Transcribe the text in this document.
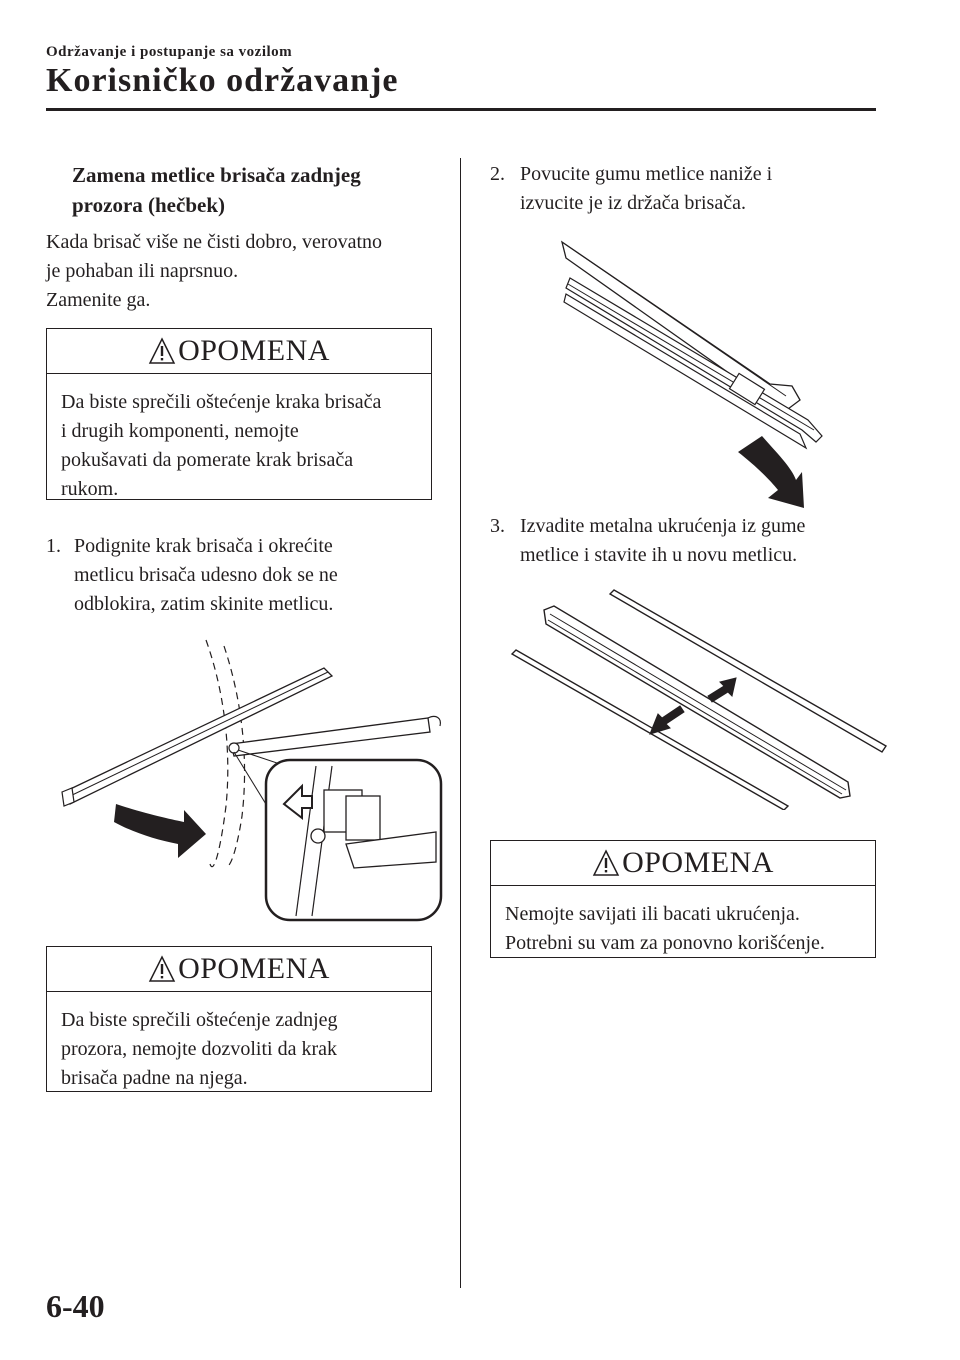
Održavanje i postupanje sa vozilom
Korisničko održavanje
Zamena metlice brisača zadnjeg
prozora (hečbek)
Kada brisač više ne čisti dobro, verovatno
je pohaban ili naprsnuo.
Zamenite ga.
OPOMENA
Da biste sprečili oštećenje kraka brisača
i drugih komponenti, nemojte
pokušavati da pomerate krak brisača
rukom.
1. Podignite krak brisača i okrećite
metlicu brisača udesno dok se ne
odblokira, zatim skinite metlicu.
OPOMENA
Da biste sprečili oštećenje zadnjeg
prozora, nemojte dozvoliti da krak
brisača padne na njega.
2. Povucite gumu metlice naniže i
izvucite je iz držača brisača.
3. Izvadite metalna ukrućenja iz gume
metlice i stavite ih u novu metlicu.
OPOMENA
Nemojte savijati ili bacati ukrućenja.
Potrebni su vam za ponovno korišćenje.
6-40
